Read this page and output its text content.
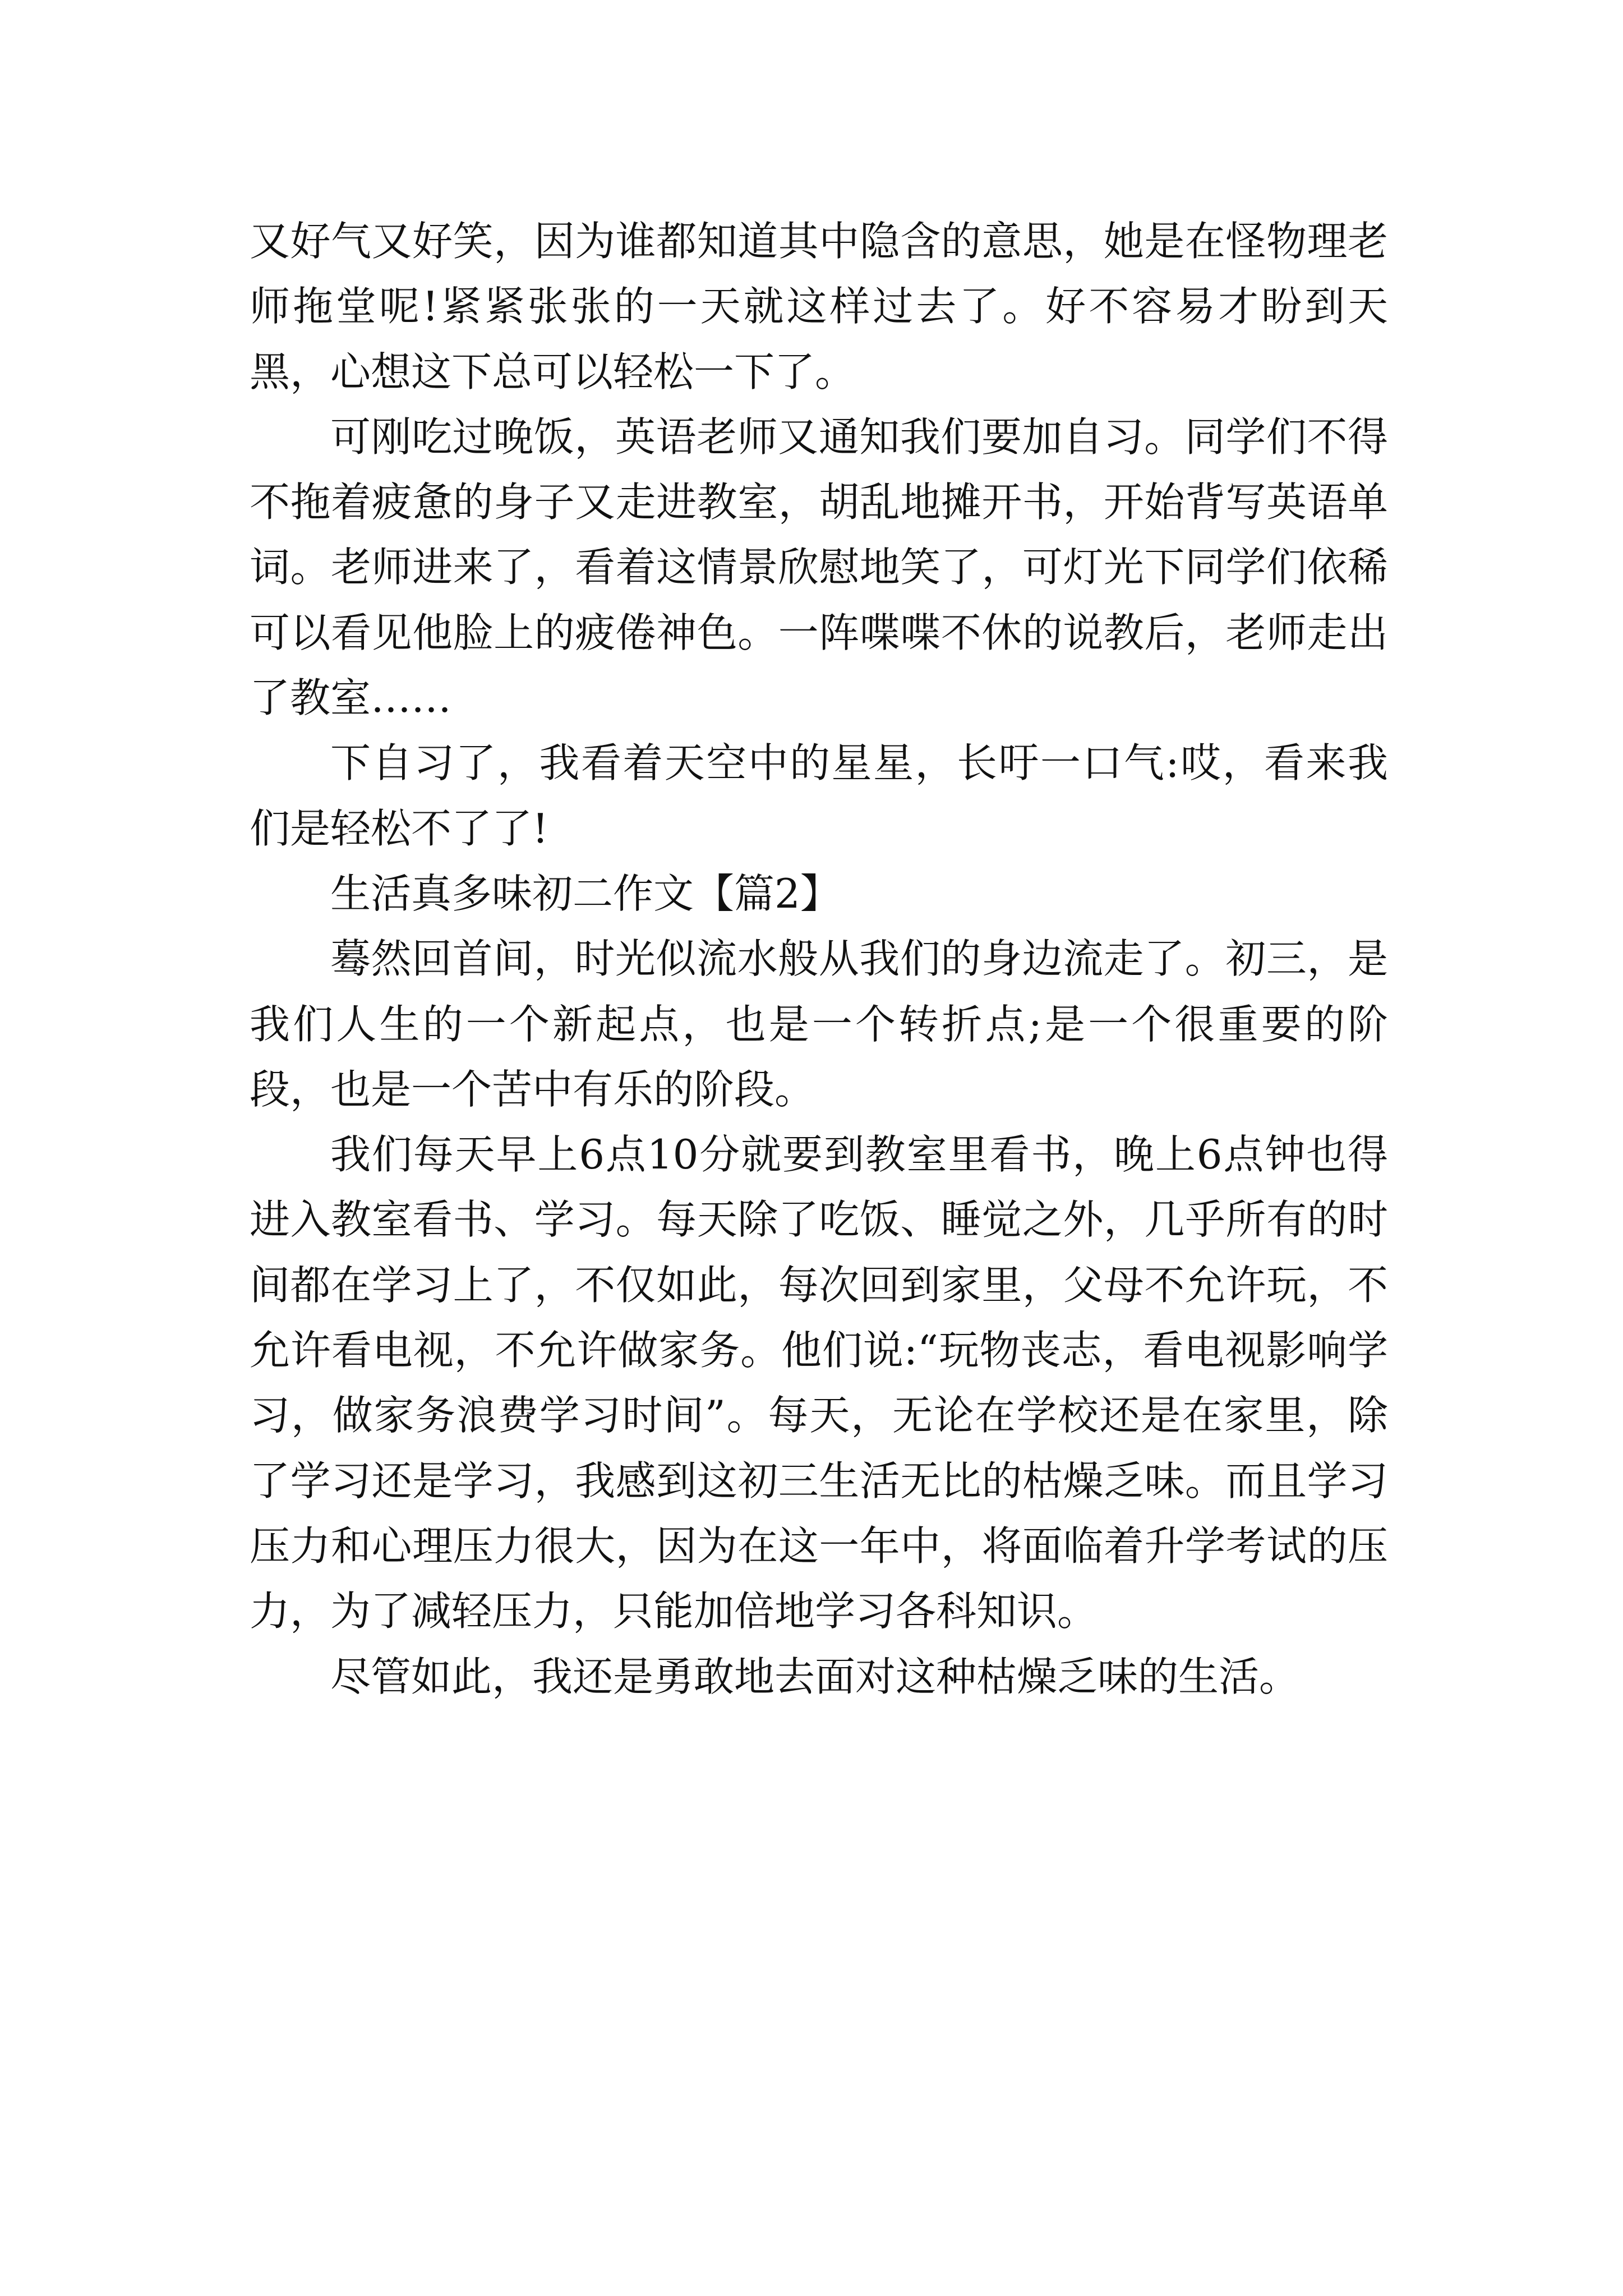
又好气又好笑，因为谁都知道其中隐含的意思，她是在怪物理老师拖堂呢!紧紧张张的一天就这样过去了。好不容易才盼到天黑，心想这下总可以轻松一下了。

可刚吃过晚饭，英语老师又通知我们要加自习。同学们不得不拖着疲惫的身子又走进教室，胡乱地摊开书，开始背写英语单词。老师进来了，看着这情景欣慰地笑了，可灯光下同学们依稀可以看见他脸上的疲倦神色。一阵喋喋不休的说教后，老师走出了教室……

下自习了，我看着天空中的星星，长吁一口气:哎，看来我们是轻松不了了!

生活真多味初二作文【篇2】

蓦然回首间，时光似流水般从我们的身边流走了。初三，是我们人生的一个新起点，也是一个转折点;是一个很重要的阶段，也是一个苦中有乐的阶段。

我们每天早上6点10分就要到教室里看书，晚上6点钟也得进入教室看书、学习。每天除了吃饭、睡觉之外，几乎所有的时间都在学习上了，不仅如此，每次回到家里，父母不允许玩，不允许看电视，不允许做家务。他们说:“玩物丧志，看电视影响学习，做家务浪费学习时间”。每天，无论在学校还是在家里，除了学习还是学习，我感到这初三生活无比的枯燥乏味。而且学习压力和心理压力很大，因为在这一年中，将面临着升学考试的压力，为了减轻压力，只能加倍地学习各科知识。

尽管如此，我还是勇敢地去面对这种枯燥乏味的生活。
